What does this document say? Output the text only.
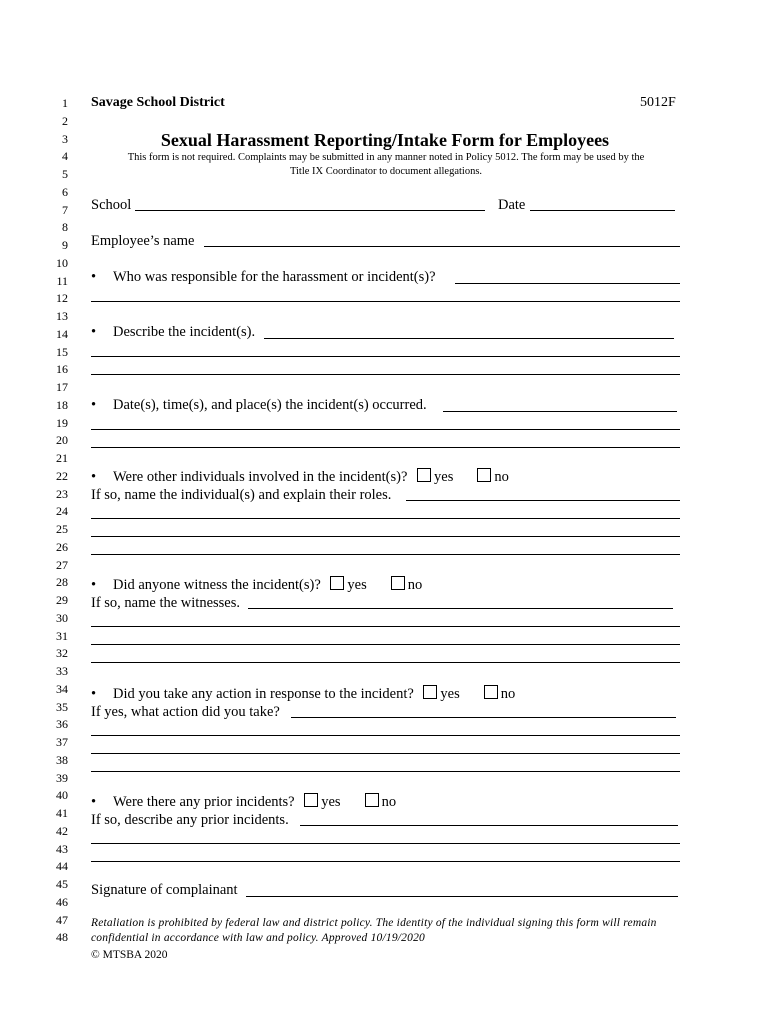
1
2
3
4
5
6
7
8
9
10
11
12
13
14
15
16
17
18
19
20
21
22
23
24
25
26
27
28
29
30
31
32
33
34
35
36
37
38
39
40
41
42
43
44
45
46
47
48
Savage School District	5012F
Sexual Harassment Reporting/Intake Form for Employees
This form is not required. Complaints may be submitted in any manner noted in Policy 5012. The form may be used by the
Title IX Coordinator to document allegations.
School	Date
Employee’s name
• Who was responsible for the harassment or incident(s)?
• Describe the incident(s).
• Date(s), time(s), and place(s) the incident(s) occurred.
• Were other individuals involved in the incident(s)? yes	no
If so, name the individual(s) and explain their roles.
• Did anyone witness the incident(s)? yes	no
If so, name the witnesses.
• Did you take any action in response to the incident? yes	no
If yes, what action did you take?
• Were there any prior incidents? yes	no
If so, describe any prior incidents.
Signature of complainant
Retaliation is prohibited by federal law and district policy. The identity of the individual signing this form will remain confidential in accordance with law and policy. Approved 10/19/2020
© MTSBA 2020
